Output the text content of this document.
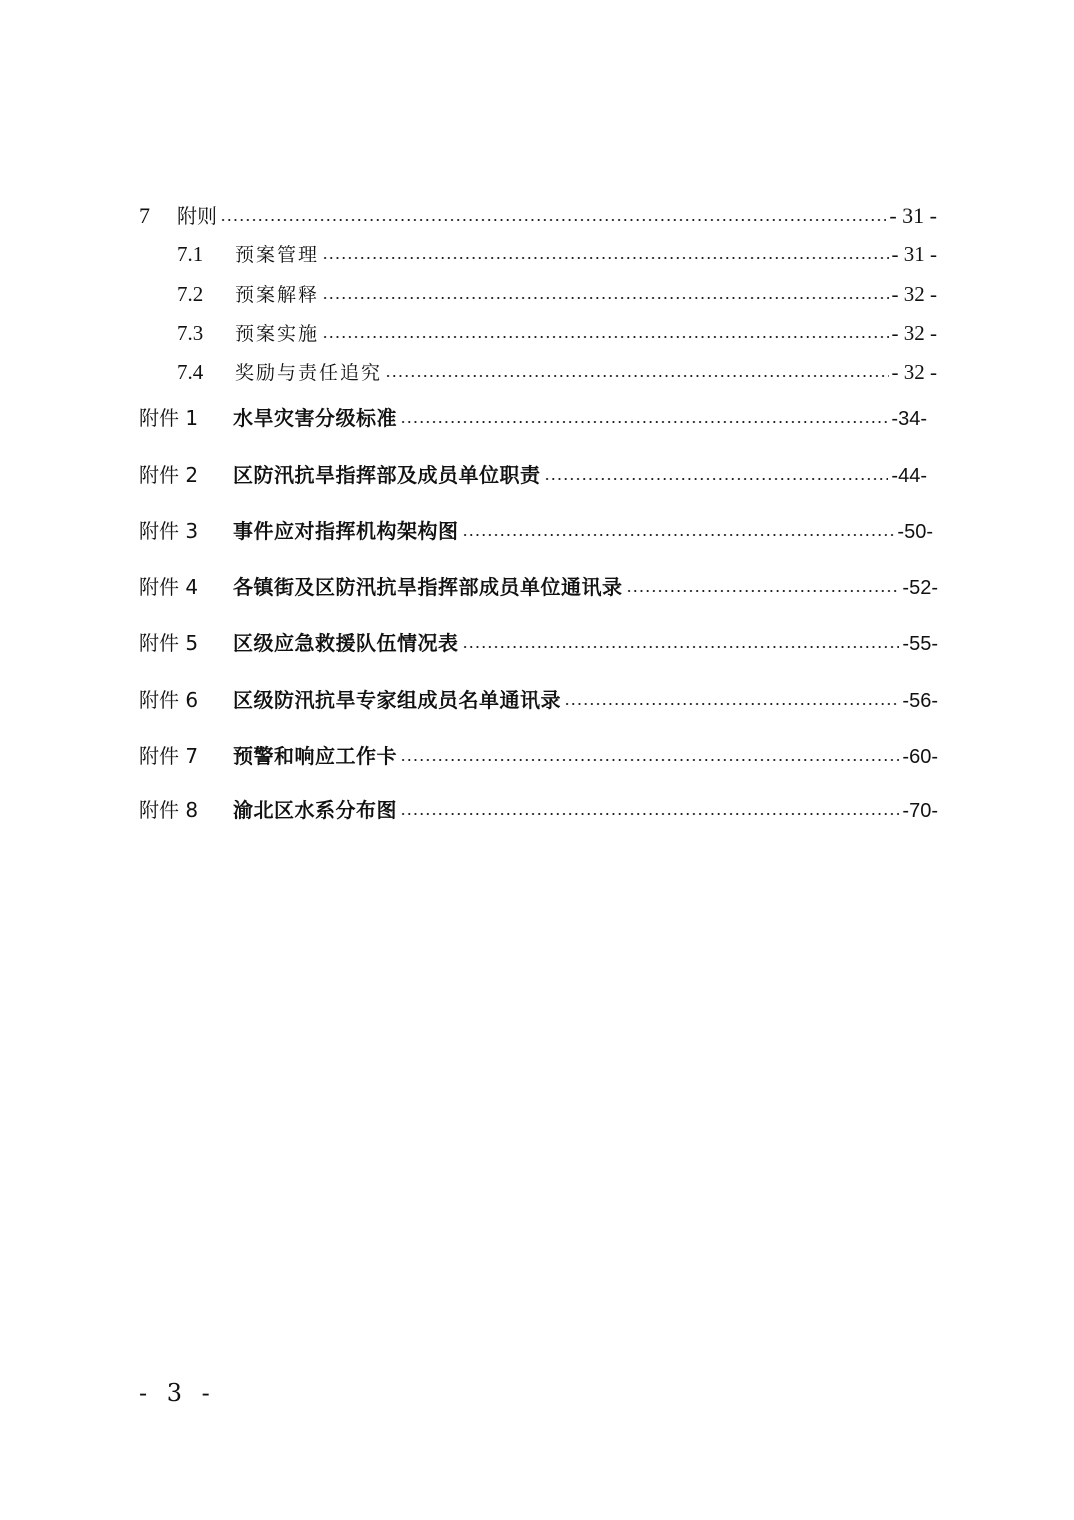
7	附则	- 31 -
7.1	预案管理	- 31 -
7.2	预案解释	- 32 -
7.3	预案实施	- 32 -
7.4	奖励与责任追究	- 32 -
附件 1	水旱灾害分级标准	-34-
附件 2	区防汛抗旱指挥部及成员单位职责	-44-
附件 3	事件应对指挥机构架构图	-50-
附件 4	各镇街及区防汛抗旱指挥部成员单位通讯录	-52-
附件 5	区级应急救援队伍情况表	-55-
附件 6	区级防汛抗旱专家组成员名单通讯录	-56-
附件 7	预警和响应工作卡	-60-
附件 8	渝北区水系分布图	-70-
- 3 -
